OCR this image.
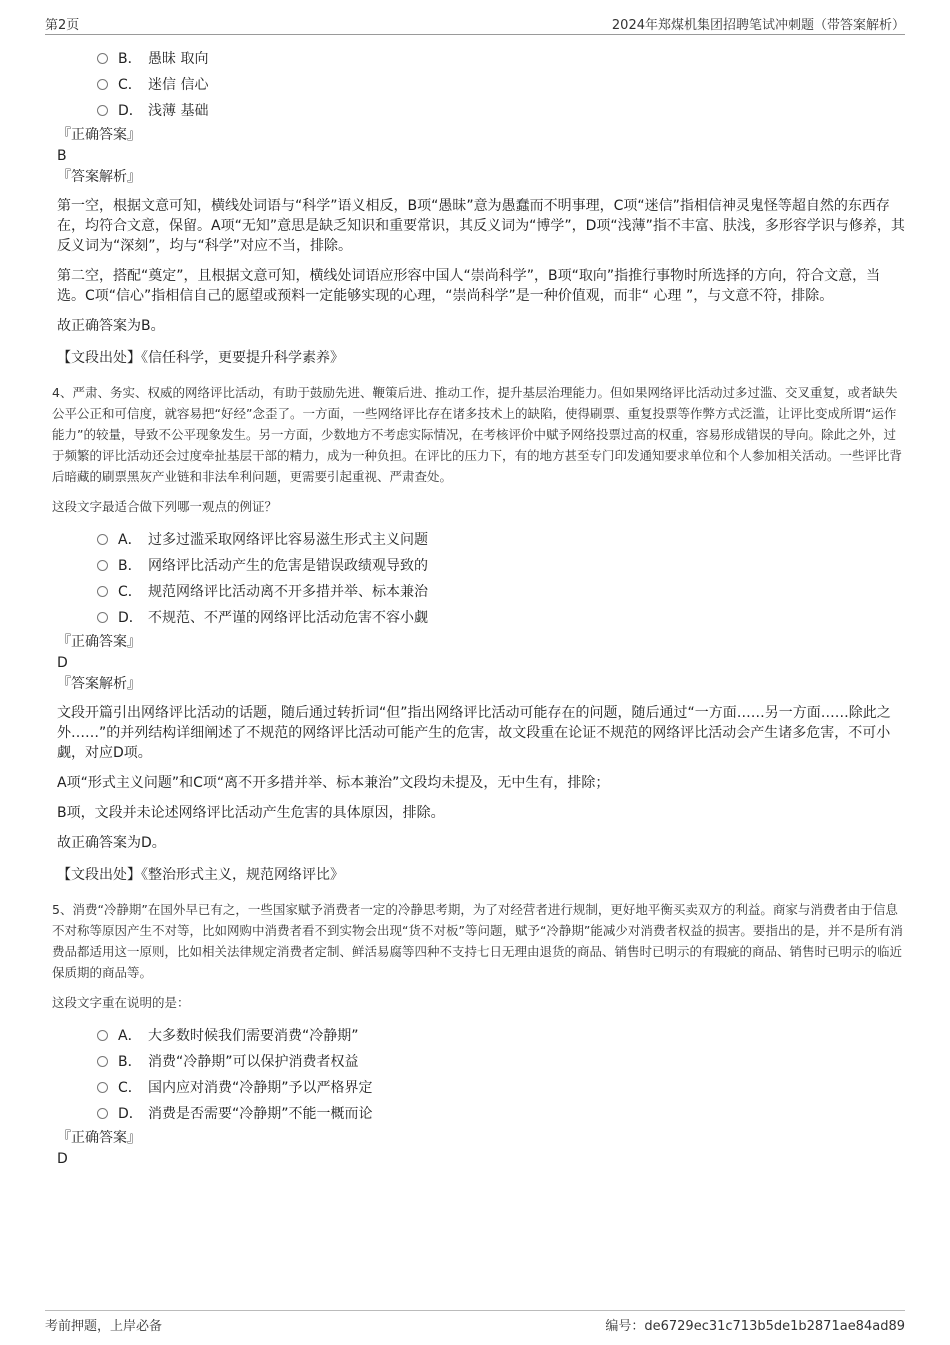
第2页	2024年郑煤机集团招聘笔试冲刺题（带答案解析）
B． 愚昧 取向
C． 迷信 信心
D． 浅薄 基础
『正确答案』
B
『答案解析』
第一空，根据文意可知，横线处词语与“科学”语义相反，B项“愚昧”意为愚蠢而不明事理，C项“迷信”指相信神灵鬼怪等超自然的东西存在，均符合文意，保留。A项“无知”意思是缺乏知识和重要常识，其反义词为“博学”，D项“浅薄”指不丰富、肤浅，多形容学识与修养，其反义词为“深刻”，均与“科学”对应不当，排除。
第二空，搭配“奠定”，且根据文意可知，横线处词语应形容中国人“崇尚科学”，B项“取向”指推行事物时所选择的方向，符合文意，当选。C项“信心”指相信自己的愿望或预料一定能够实现的心理，“崇尚科学”是一种价值观，而非“ 心理 ”，与文意不符，排除。
故正确答案为B。
【文段出处】《信任科学，更要提升科学素养》
4、严肃、务实、权威的网络评比活动，有助于鼓励先进、鞭策后进、推动工作，提升基层治理能力。但如果网络评比活动过多过滥、交叉重复，或者缺失公平公正和可信度，就容易把“好经”念歪了。一方面，一些网络评比存在诸多技术上的缺陷，使得刷票、重复投票等作弊方式泛滥，让评比变成所谓“运作能力”的较量，导致不公平现象发生。另一方面，少数地方不考虑实际情况，在考核评价中赋予网络投票过高的权重，容易形成错误的导向。除此之外，过于频繁的评比活动还会过度牵扯基层干部的精力，成为一种负担。在评比的压力下，有的地方甚至专门印发通知要求单位和个人参加相关活动。一些评比背后暗藏的刷票黑灰产业链和非法牟利问题，更需要引起重视、严肃查处。
这段文字最适合做下列哪一观点的例证？
A． 过多过滥采取网络评比容易滋生形式主义问题
B． 网络评比活动产生的危害是错误政绩观导致的
C． 规范网络评比活动离不开多措并举、标本兼治
D． 不规范、不严谨的网络评比活动危害不容小觑
『正确答案』
D
『答案解析』
文段开篇引出网络评比活动的话题，随后通过转折词“但”指出网络评比活动可能存在的问题，随后通过“一方面……另一方面……除此之外……”的并列结构详细阐述了不规范的网络评比活动可能产生的危害，故文段重在论证不规范的网络评比活动会产生诸多危害，不可小觑，对应D项。
A项“形式主义问题”和C项“离不开多措并举、标本兼治”文段均未提及，无中生有，排除；
B项，文段并未论述网络评比活动产生危害的具体原因，排除。
故正确答案为D。
【文段出处】《整治形式主义，规范网络评比》
5、消费“冷静期”在国外早已有之，一些国家赋予消费者一定的冷静思考期，为了对经营者进行规制，更好地平衡买卖双方的利益。商家与消费者由于信息不对称等原因产生不对等，比如网购中消费者看不到实物会出现“货不对板”等问题，赋予“冷静期”能减少对消费者权益的损害。要指出的是，并不是所有消费品都适用这一原则，比如相关法律规定消费者定制、鲜活易腐等四种不支持七日无理由退货的商品、销售时已明示的有瑕疵的商品、销售时已明示的临近保质期的商品等。
这段文字重在说明的是：
A． 大多数时候我们需要消费“冷静期”
B． 消费“冷静期”可以保护消费者权益
C． 国内应对消费“冷静期”予以严格界定
D． 消费是否需要“冷静期”不能一概而论
『正确答案』
D
考前押题，上岸必备	编号：de6729ec31c713b5de1b2871ae84ad89
